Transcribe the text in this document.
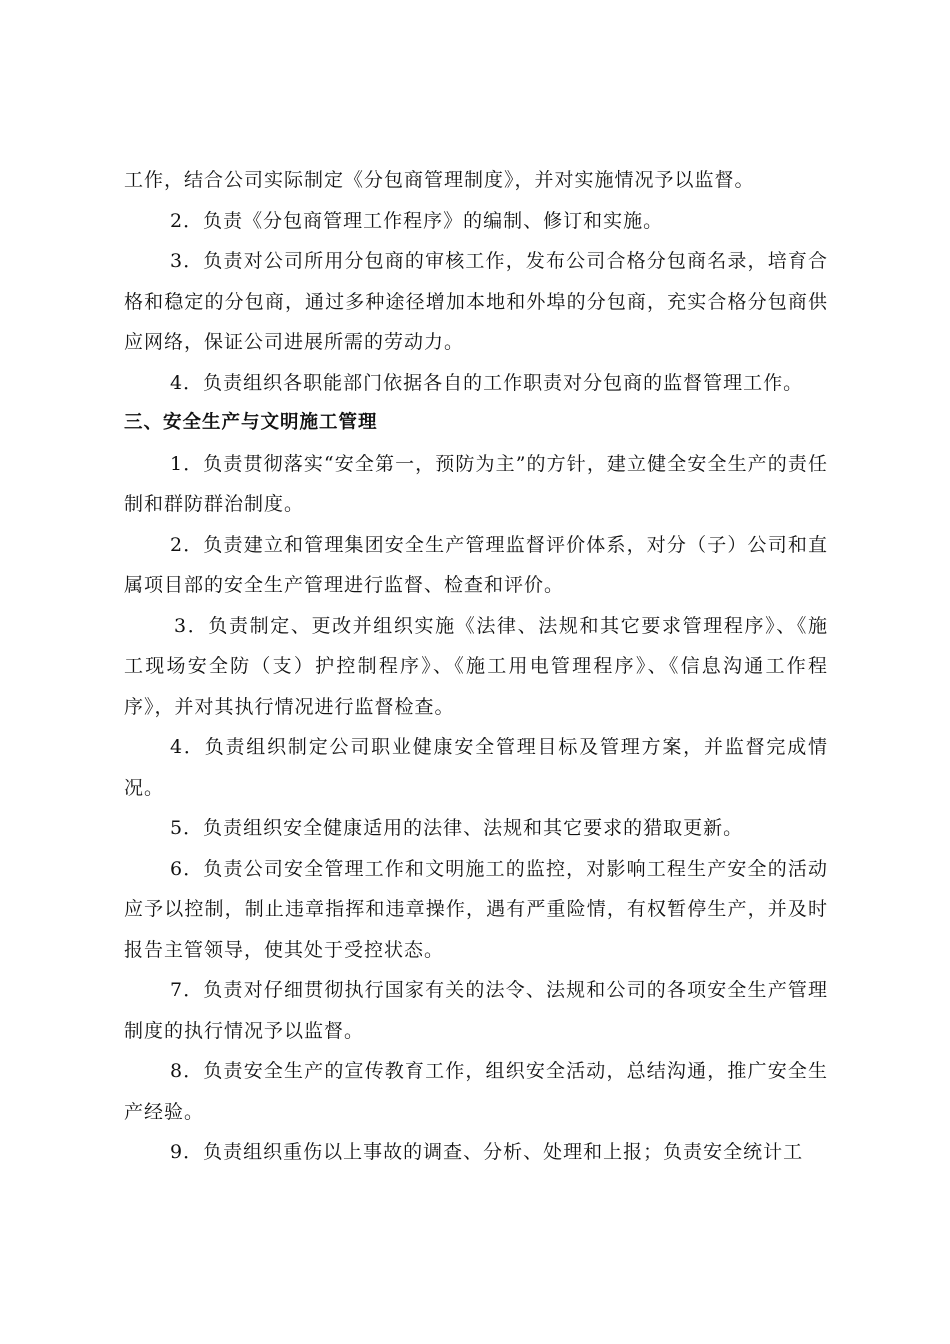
工作，结合公司实际制定《分包商管理制度》，并对实施情况予以监督。

2．负责《分包商管理工作程序》的编制、修订和实施。

3．负责对公司所用分包商的审核工作，发布公司合格分包商名录，培育合格和稳定的分包商，通过多种途径增加本地和外埠的分包商，充实合格分包商供应网络，保证公司进展所需的劳动力。

4．负责组织各职能部门依据各自的工作职责对分包商的监督管理工作。

三、安全生产与文明施工管理

1．负责贯彻落实“安全第一，预防为主”的方针，建立健全安全生产的责任制和群防群治制度。

2．负责建立和管理集团安全生产管理监督评价体系，对分（子）公司和直属项目部的安全生产管理进行监督、检查和评价。

3．负责制定、更改并组织实施《法律、法规和其它要求管理程序》、《施工现场安全防（支）护控制程序》、《施工用电管理程序》、《信息沟通工作程序》，并对其执行情况进行监督检查。

4．负责组织制定公司职业健康安全管理目标及管理方案，并监督完成情况。

5．负责组织安全健康适用的法律、法规和其它要求的猎取更新。

6．负责公司安全管理工作和文明施工的监控，对影响工程生产安全的活动应予以控制，制止违章指挥和违章操作，遇有严重险情，有权暂停生产，并及时报告主管领导，使其处于受控状态。

7．负责对仔细贯彻执行国家有关的法令、法规和公司的各项安全生产管理制度的执行情况予以监督。

8．负责安全生产的宣传教育工作，组织安全活动，总结沟通，推广安全生产经验。

9．负责组织重伤以上事故的调查、分析、处理和上报；负责安全统计工
